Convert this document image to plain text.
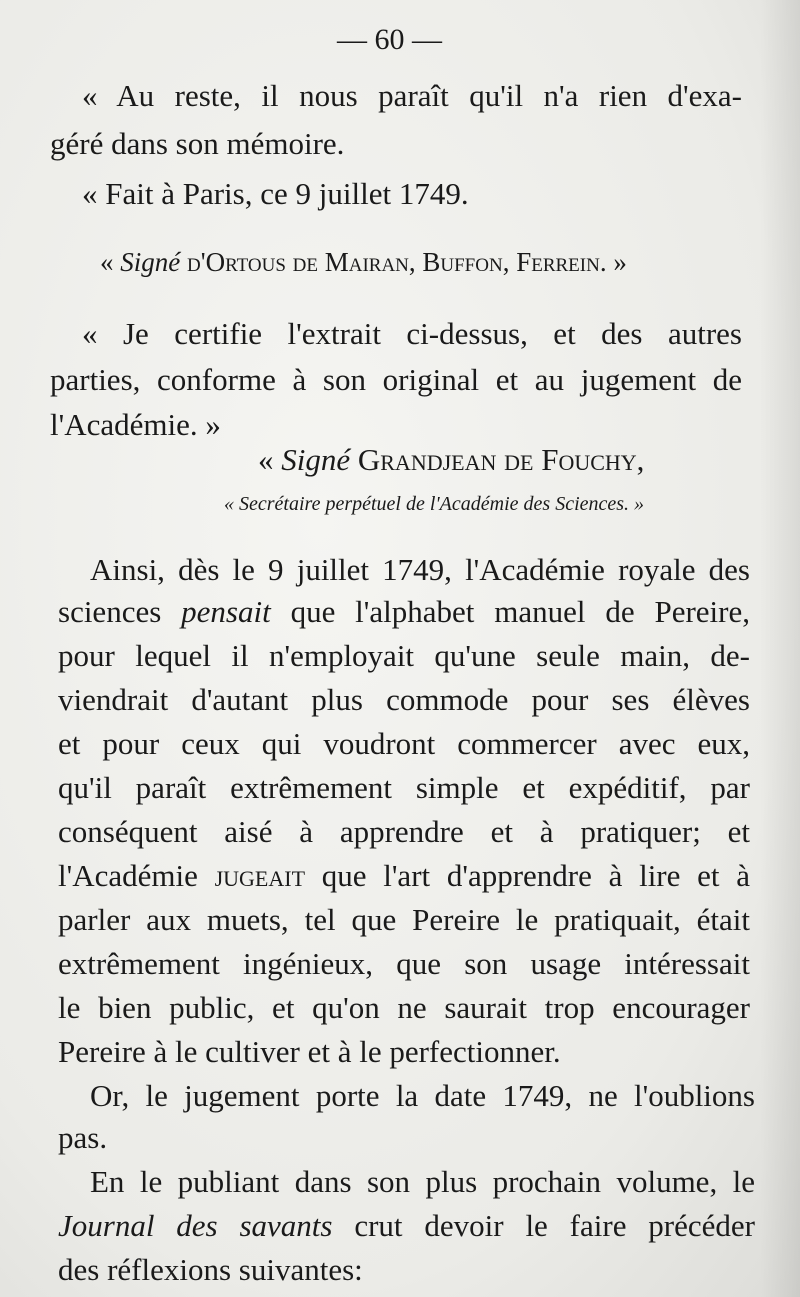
— 60 —
« Au reste, il nous paraît qu'il n'a rien d'exa-
géré dans son mémoire.
« Fait à Paris, ce 9 juillet 1749.
« Signé d'Ortous de Mairan, Buffon, Ferrein. »
« Je certifie l'extrait ci-dessus, et des autres
parties, conforme à son original et au jugement de
l'Académie. »
« Signé Grandjean de Fouchy,
« Secrétaire perpétuel de l'Académie des Sciences. »
Ainsi, dès le 9 juillet 1749, l'Académie royale des
sciences pensait que l'alphabet manuel de Pereire,
pour lequel il n'employait qu'une seule main, de-
viendrait d'autant plus commode pour ses élèves
et pour ceux qui voudront commercer avec eux,
qu'il paraît extrêmement simple et expéditif, par
conséquent aisé à apprendre et à pratiquer; et
l'Académie jugeait que l'art d'apprendre à lire et à
parler aux muets, tel que Pereire le pratiquait, était
extrêmement ingénieux, que son usage intéressait
le bien public, et qu'on ne saurait trop encourager
Pereire à le cultiver et à le perfectionner.
Or, le jugement porte la date 1749, ne l'oublions
pas.
En le publiant dans son plus prochain volume, le
Journal des savants crut devoir le faire précéder
des réflexions suivantes:
